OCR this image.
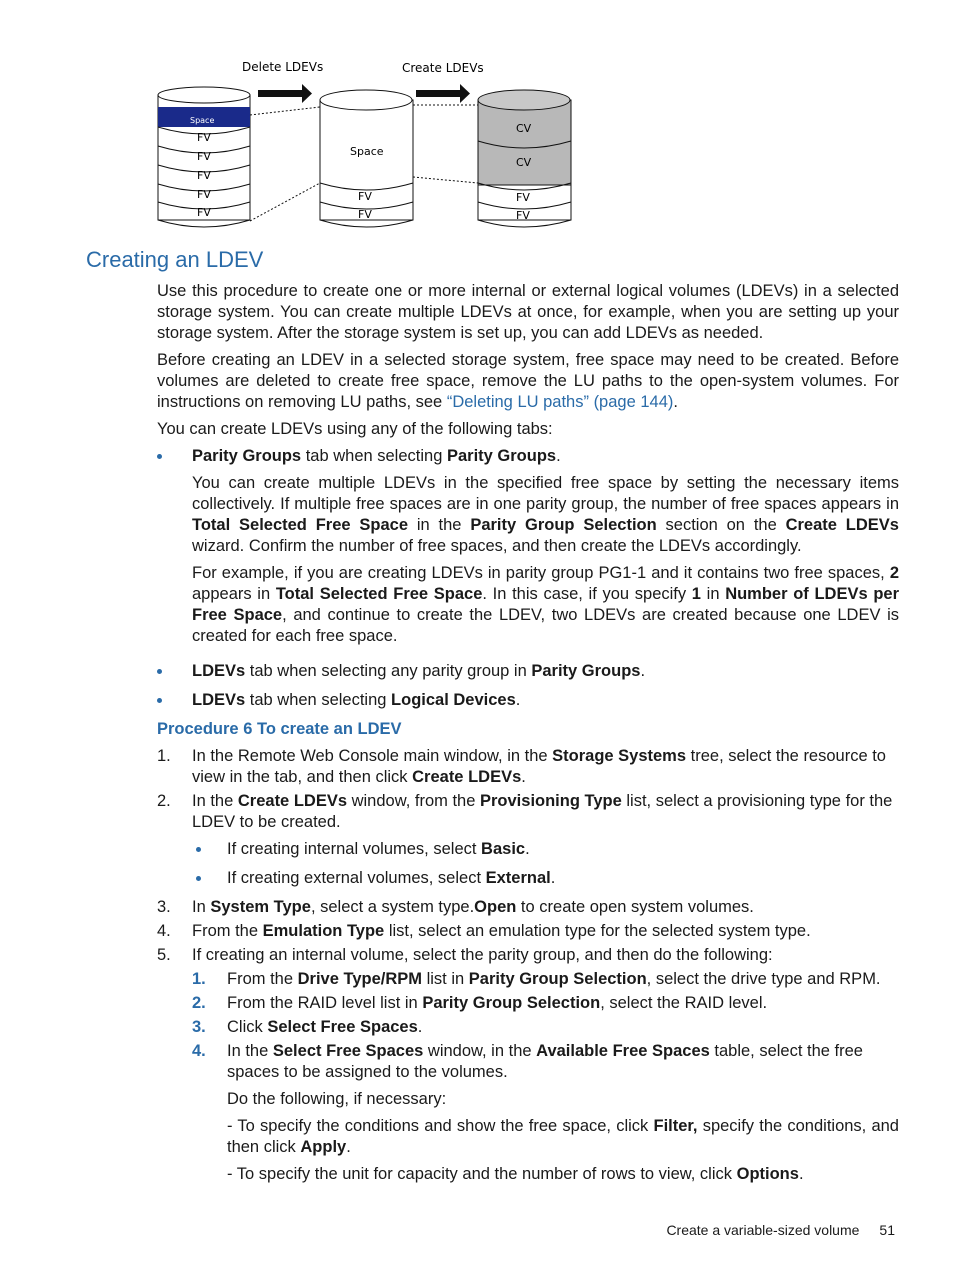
Delete LDEVs	Create LDEVs
Space
FV
FV
FV
FV
FV
Space
FV
FV
CV
CV
FV
FV
Creating an LDEV

Use this procedure to create one or more internal or external logical volumes (LDEVs) in a selected storage system. You can create multiple LDEVs at once, for example, when you are setting up your storage system. After the storage system is set up, you can add LDEVs as needed.

Before creating an LDEV in a selected storage system, free space may need to be created. Before volumes are deleted to create free space, remove the LU paths to the open-system volumes. For instructions on removing LU paths, see “Deleting LU paths” (page 144).

You can create LDEVs using any of the following tabs:

Parity Groups tab when selecting Parity Groups.

You can create multiple LDEVs in the specified free space by setting the necessary items collectively. If multiple free spaces are in one parity group, the number of free spaces appears in Total Selected Free Space in the Parity Group Selection section on the Create LDEVs wizard. Confirm the number of free spaces, and then create the LDEVs accordingly.

For example, if you are creating LDEVs in parity group PG1-1 and it contains two free spaces, 2 appears in Total Selected Free Space. In this case, if you specify 1 in Number of LDEVs per Free Space, and continue to create the LDEV, two LDEVs are created because one LDEV is created for each free space.

LDEVs tab when selecting any parity group in Parity Groups.
LDEVs tab when selecting Logical Devices.
Procedure 6 To create an LDEV
1. In the Remote Web Console main window, in the Storage Systems tree, select the resource to view in the tab, and then click Create LDEVs.
2. In the Create LDEVs window, from the Provisioning Type list, select a provisioning type for the LDEV to be created.
If creating internal volumes, select Basic.
If creating external volumes, select External.
3. In System Type, select a system type.Open to create open system volumes.
4. From the Emulation Type list, select an emulation type for the selected system type.
5. If creating an internal volume, select the parity group, and then do the following:
1. From the Drive Type/RPM list in Parity Group Selection, select the drive type and RPM.
2. From the RAID level list in Parity Group Selection, select the RAID level.
3. Click Select Free Spaces.
4. In the Select Free Spaces window, in the Available Free Spaces table, select the free spaces to be assigned to the volumes.

Do the following, if necessary:

- To specify the conditions and show the free space, click Filter, specify the conditions, and then click Apply.

- To specify the unit for capacity and the number of rows to view, click Options.

Create a variable-sized volume 51
